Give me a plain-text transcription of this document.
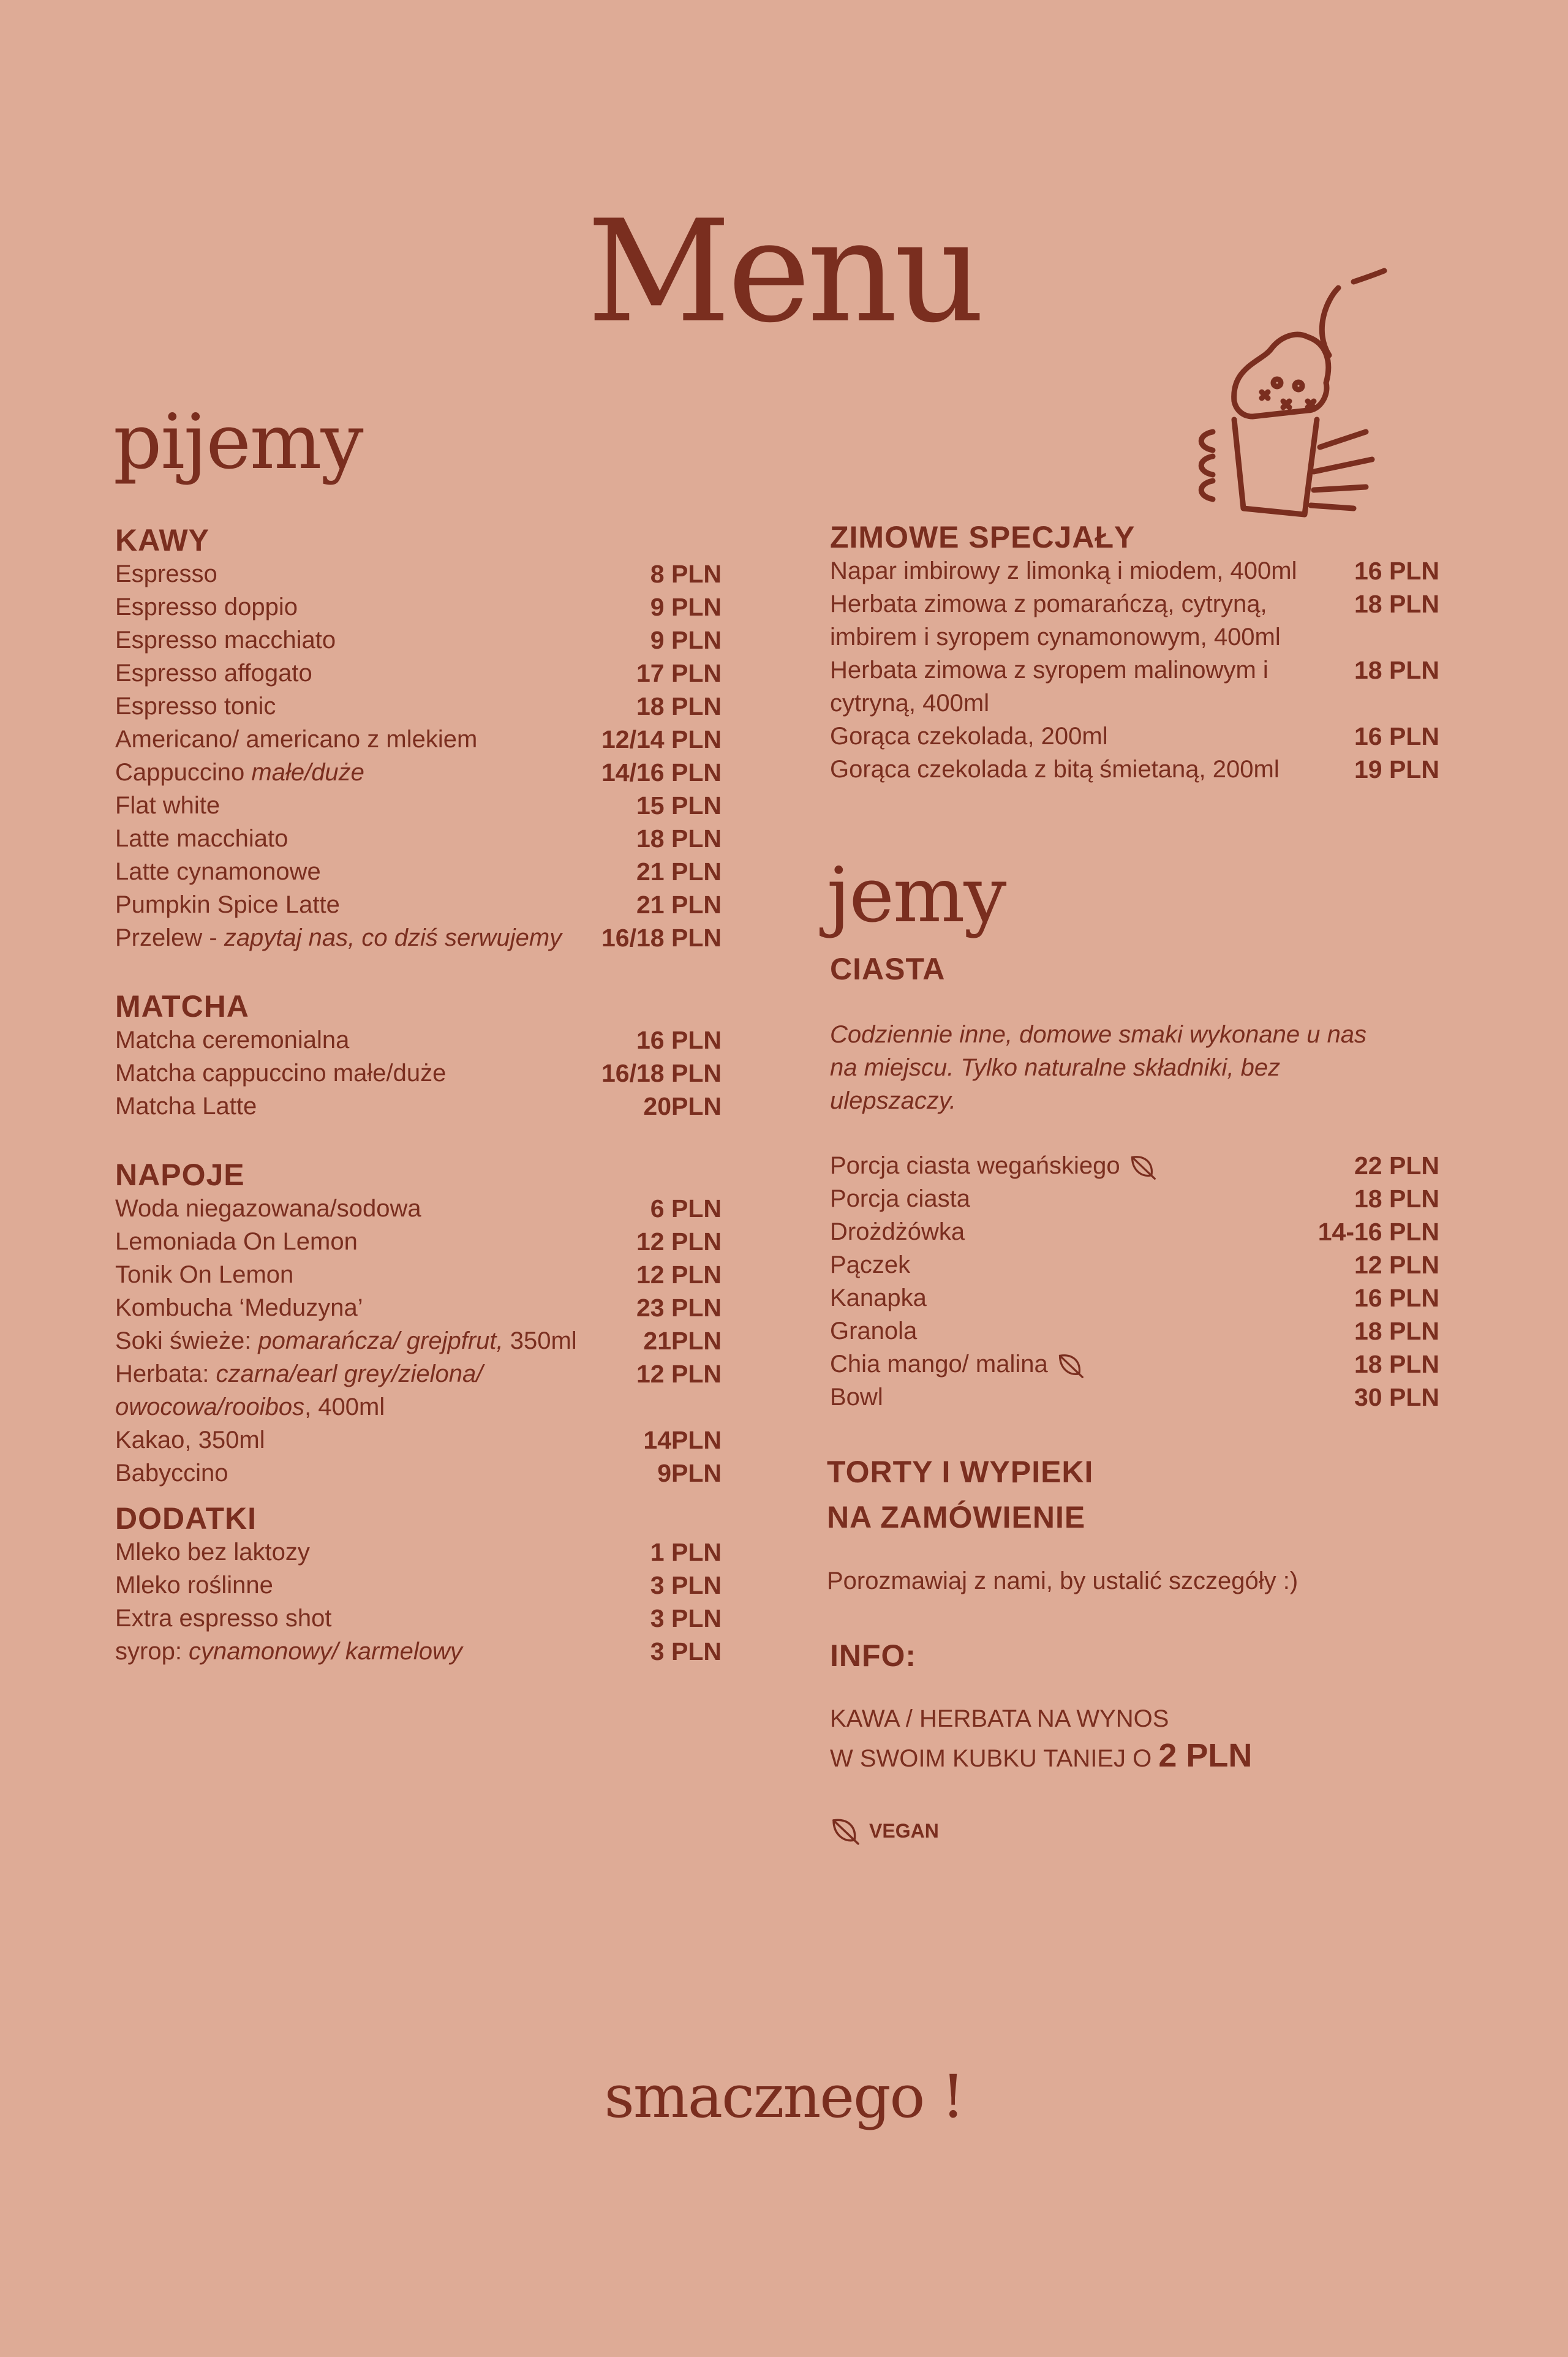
Menu
pijemy
KAWY
Espresso	8 PLN
Espresso doppio	9 PLN
Espresso macchiato	9 PLN
Espresso affogato	17 PLN
Espresso tonic	18 PLN
Americano/ americano z mlekiem	12/14 PLN
Cappuccino małe/duże	14/16 PLN
Flat white	15 PLN
Latte macchiato	18 PLN
Latte cynamonowe	21 PLN
Pumpkin Spice Latte	21 PLN
Przelew - zapytaj nas, co dziś serwujemy	16/18 PLN
MATCHA
Matcha ceremonialna	16 PLN
Matcha cappuccino małe/duże	16/18 PLN
Matcha Latte	20PLN
NAPOJE
Woda niegazowana/sodowa	6 PLN
Lemoniada On Lemon	12 PLN
Tonik On Lemon	12 PLN
Kombucha ‘Meduzyna’	23 PLN
Soki świeże: pomarańcza/ grejpfrut, 350ml	21PLN
Herbata: czarna/earl grey/zielona/ owocowa/rooibos, 400ml
12 PLN
Kakao, 350ml	14PLN
Babyccino	9PLN
DODATKI
Mleko bez laktozy	1 PLN
Mleko roślinne	3 PLN
Extra espresso shot	3 PLN
syrop: cynamonowy/ karmelowy	3 PLN
ZIMOWE SPECJAŁY
Napar imbirowy z limonką i miodem, 400ml	16 PLN
Herbata zimowa z pomarańczą, cytryną, imbirem i syropem cynamonowym, 400ml
18 PLN
Herbata zimowa z syropem malinowym i cytryną, 400ml
18 PLN
Gorąca czekolada, 200ml	16 PLN
Gorąca czekolada z bitą śmietaną, 200ml	19 PLN
jemy
CIASTA
Codziennie inne, domowe smaki wykonane u nas na miejscu. Tylko naturalne składniki, bez ulepszaczy.
Porcja ciasta wegańskiego	22 PLN
Porcja ciasta	18 PLN
Drożdżówka	14-16 PLN
Pączek	12 PLN
Kanapka	16 PLN
Granola	18 PLN
Chia mango/ malina	18 PLN
Bowl	30 PLN
TORTY I WYPIEKI
NA ZAMÓWIENIE
Porozmawiaj z nami, by ustalić szczegóły :)
INFO:
KAWA / HERBATA NA WYNOS
W SWOIM KUBKU TANIEJ O 2 PLN
VEGAN
smacznego !
